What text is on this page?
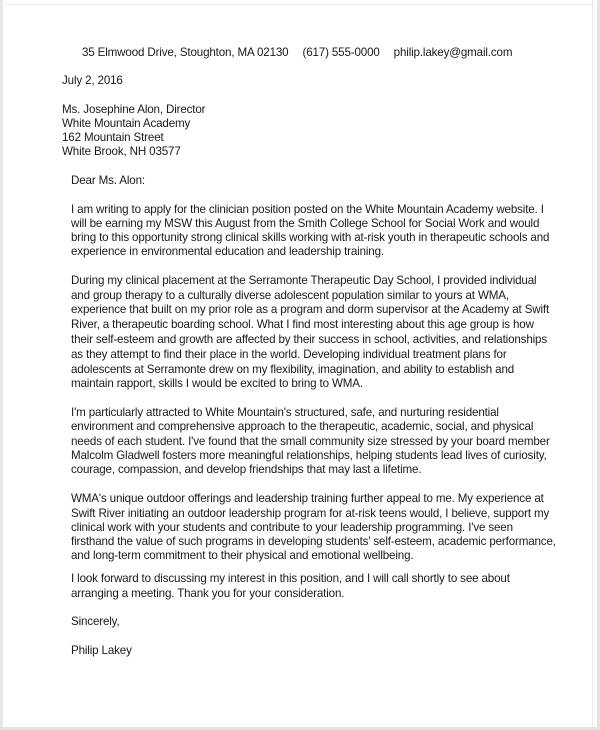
35 Elmwood Drive, Stoughton, MA 02130 (617) 555-0000 philip.lakey@gmail.com
July 2, 2016
Ms. Josephine Alon, Director
White Mountain Academy
162 Mountain Street
White Brook, NH 03577
Dear Ms. Alon:
I am writing to apply for the clinician position posted on the White Mountain Academy website. I
will be earning my MSW this August from the Smith College School for Social Work and would
bring to this opportunity strong clinical skills working with at-risk youth in therapeutic schools and
experience in environmental education and leadership training.
During my clinical placement at the Serramonte Therapeutic Day School, I provided individual
and group therapy to a culturally diverse adolescent population similar to yours at WMA,
experience that built on my prior role as a program and dorm supervisor at the Academy at Swift
River, a therapeutic boarding school. What I find most interesting about this age group is how
their self-esteem and growth are affected by their success in school, activities, and relationships
as they attempt to find their place in the world. Developing individual treatment plans for
adolescents at Serramonte drew on my flexibility, imagination, and ability to establish and
maintain rapport, skills I would be excited to bring to WMA.
I'm particularly attracted to White Mountain's structured, safe, and nurturing residential
environment and comprehensive approach to the therapeutic, academic, social, and physical
needs of each student. I've found that the small community size stressed by your board member
Malcolm Gladwell fosters more meaningful relationships, helping students lead lives of curiosity,
courage, compassion, and develop friendships that may last a lifetime.
WMA's unique outdoor offerings and leadership training further appeal to me. My experience at
Swift River initiating an outdoor leadership program for at-risk teens would, I believe, support my
clinical work with your students and contribute to your leadership programming. I've seen
firsthand the value of such programs in developing students' self-esteem, academic performance,
and long-term commitment to their physical and emotional wellbeing.
I look forward to discussing my interest in this position, and I will call shortly to see about
arranging a meeting. Thank you for your consideration.
Sincerely,
Philip Lakey
